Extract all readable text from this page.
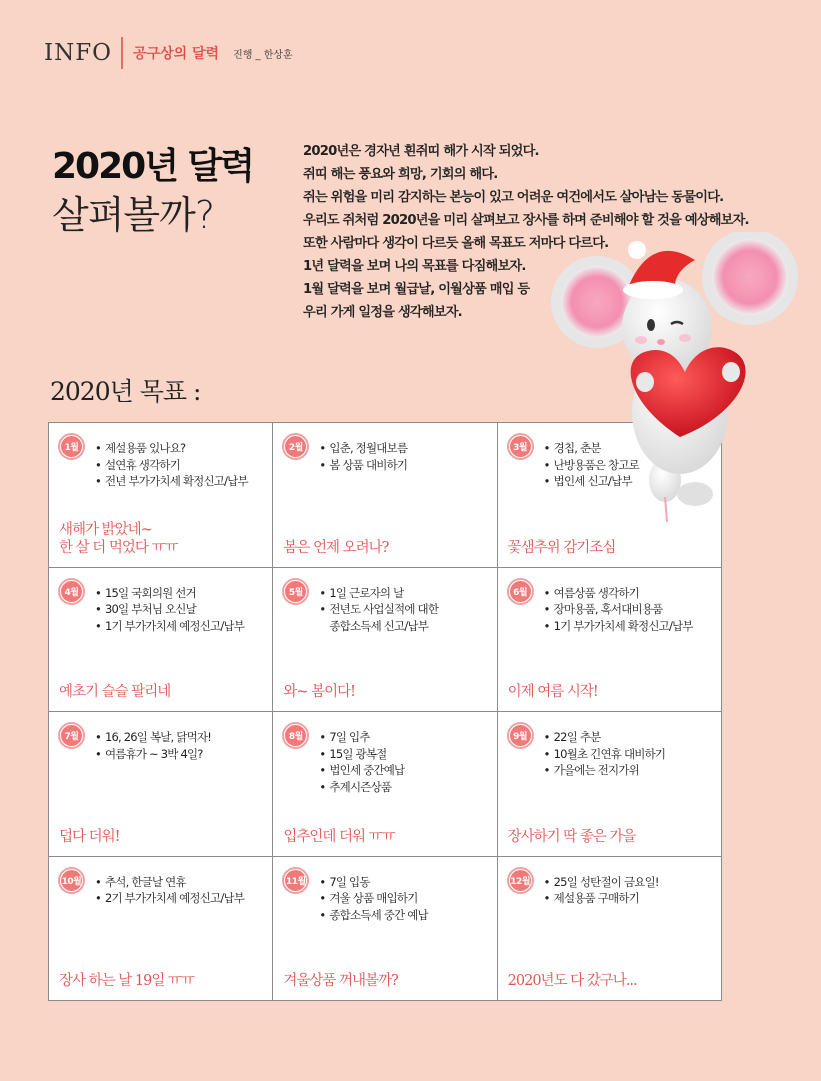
INFO 공구상의 달력 진행 _ 한상훈
2020년 달력
살펴볼까?
2020년은 경자년 흰쥐띠 해가 시작 되었다.
쥐띠 해는 풍요와 희망, 기회의 해다.
쥐는 위험을 미리 감지하는 본능이 있고 어려운 여건에서도 살아남는 동물이다.
우리도 쥐처럼 2020년을 미리 살펴보고 장사를 하며 준비해야 할 것을 예상해보자.
또한 사람마다 생각이 다르듯 올해 목표도 저마다 다르다.
1년 달력을 보며 나의 목표를 다짐해보자.
1월 달력을 보며 월급날, 이월상품 매입 등
우리 가게 일정을 생각해보자.
2020년 목표 :
1월	• 제설용품 있나요?
• 설연휴 생각하기
• 전년 부가가치세 확정신고/납부
새해가 밝았네~
한 살 더 먹었다 ㅠㅠ
2월	• 입춘, 정월대보름
• 봄 상품 대비하기
봄은 언제 오려나?
3월	• 경칩, 춘분
• 난방용품은 창고로
• 법인세 신고/납부
꽃샘추위 감기조심
4월	• 15일 국회의원 선거
• 30일 부처님 오신날
• 1기 부가가치세 예정신고/납부
예초기 슬슬 팔리네
5월	• 1일 근로자의 날
• 전년도 사업실적에 대한
종합소득세 신고/납부
와~ 봄이다!
6월	• 여름상품 생각하기
• 장마용품, 혹서대비용품
• 1기 부가가치세 확정신고/납부
이제 여름 시작!
7월	• 16, 26일 복날, 닭먹자!
• 여름휴가 ~ 3박 4일?
덥다 더워!
8월	• 7일 입추
• 15일 광복절
• 법인세 중간예납
• 추계시즌상품
입추인데 더워 ㅠㅠ
9월	• 22일 추분
• 10월초 긴연휴 대비하기
• 가을에는 전지가위
장사하기 딱 좋은 가을
10월	• 추석, 한글날 연휴
• 2기 부가가치세 예정신고/납부
장사 하는 날 19일 ㅠㅠ
11월	• 7일 입동
• 겨울 상품 매입하기
• 종합소득세 중간 예납
겨울상품 꺼내볼까?
12월	• 25일 성탄절이 금요일!
• 제설용품 구매하기
2020년도 다 갔구나...
